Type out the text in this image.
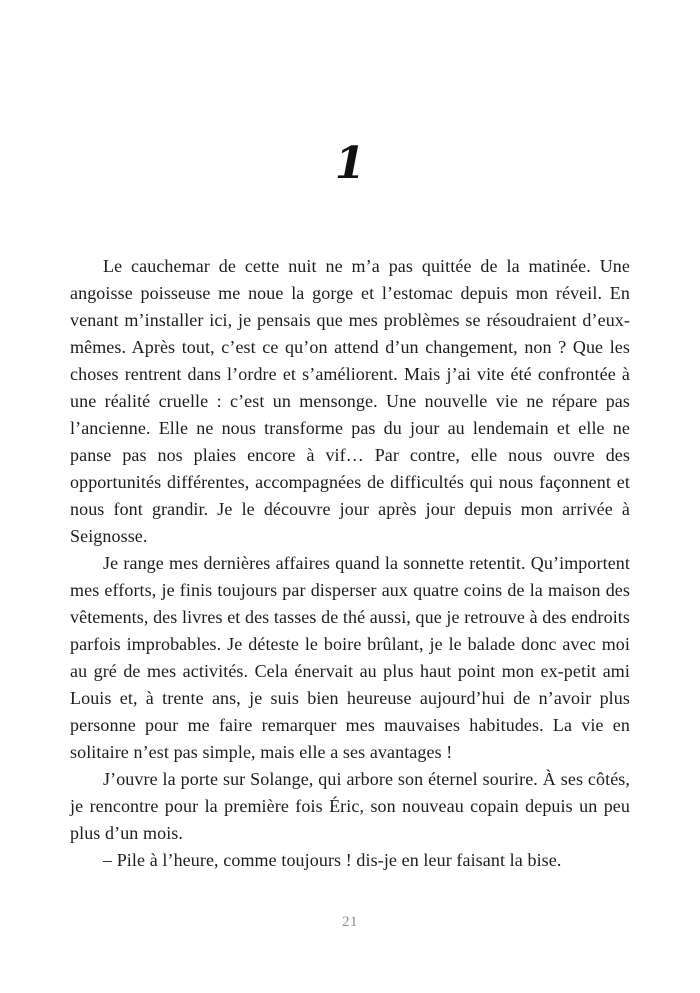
1

Le cauchemar de cette nuit ne m’a pas quittée de la matinée. Une angoisse poisseuse me noue la gorge et l’estomac depuis mon réveil. En venant m’installer ici, je pensais que mes problèmes se résoudraient d’eux-mêmes. Après tout, c’est ce qu’on attend d’un changement, non ? Que les choses rentrent dans l’ordre et s’améliorent. Mais j’ai vite été confrontée à une réalité cruelle : c’est un mensonge. Une nouvelle vie ne répare pas l’ancienne. Elle ne nous transforme pas du jour au lendemain et elle ne panse pas nos plaies encore à vif… Par contre, elle nous ouvre des opportunités différentes, accompagnées de difficultés qui nous façonnent et nous font grandir. Je le découvre jour après jour depuis mon arrivée à Seignosse.

Je range mes dernières affaires quand la sonnette retentit. Qu’importent mes efforts, je finis toujours par disperser aux quatre coins de la maison des vêtements, des livres et des tasses de thé aussi, que je retrouve à des endroits parfois improbables. Je déteste le boire brûlant, je le balade donc avec moi au gré de mes activités. Cela énervait au plus haut point mon ex-petit ami Louis et, à trente ans, je suis bien heureuse aujourd’hui de n’avoir plus personne pour me faire remarquer mes mauvaises habitudes. La vie en solitaire n’est pas simple, mais elle a ses avantages !

J’ouvre la porte sur Solange, qui arbore son éternel sourire. À ses côtés, je rencontre pour la première fois Éric, son nouveau copain depuis un peu plus d’un mois.

– Pile à l’heure, comme toujours ! dis-je en leur faisant la bise.

21
